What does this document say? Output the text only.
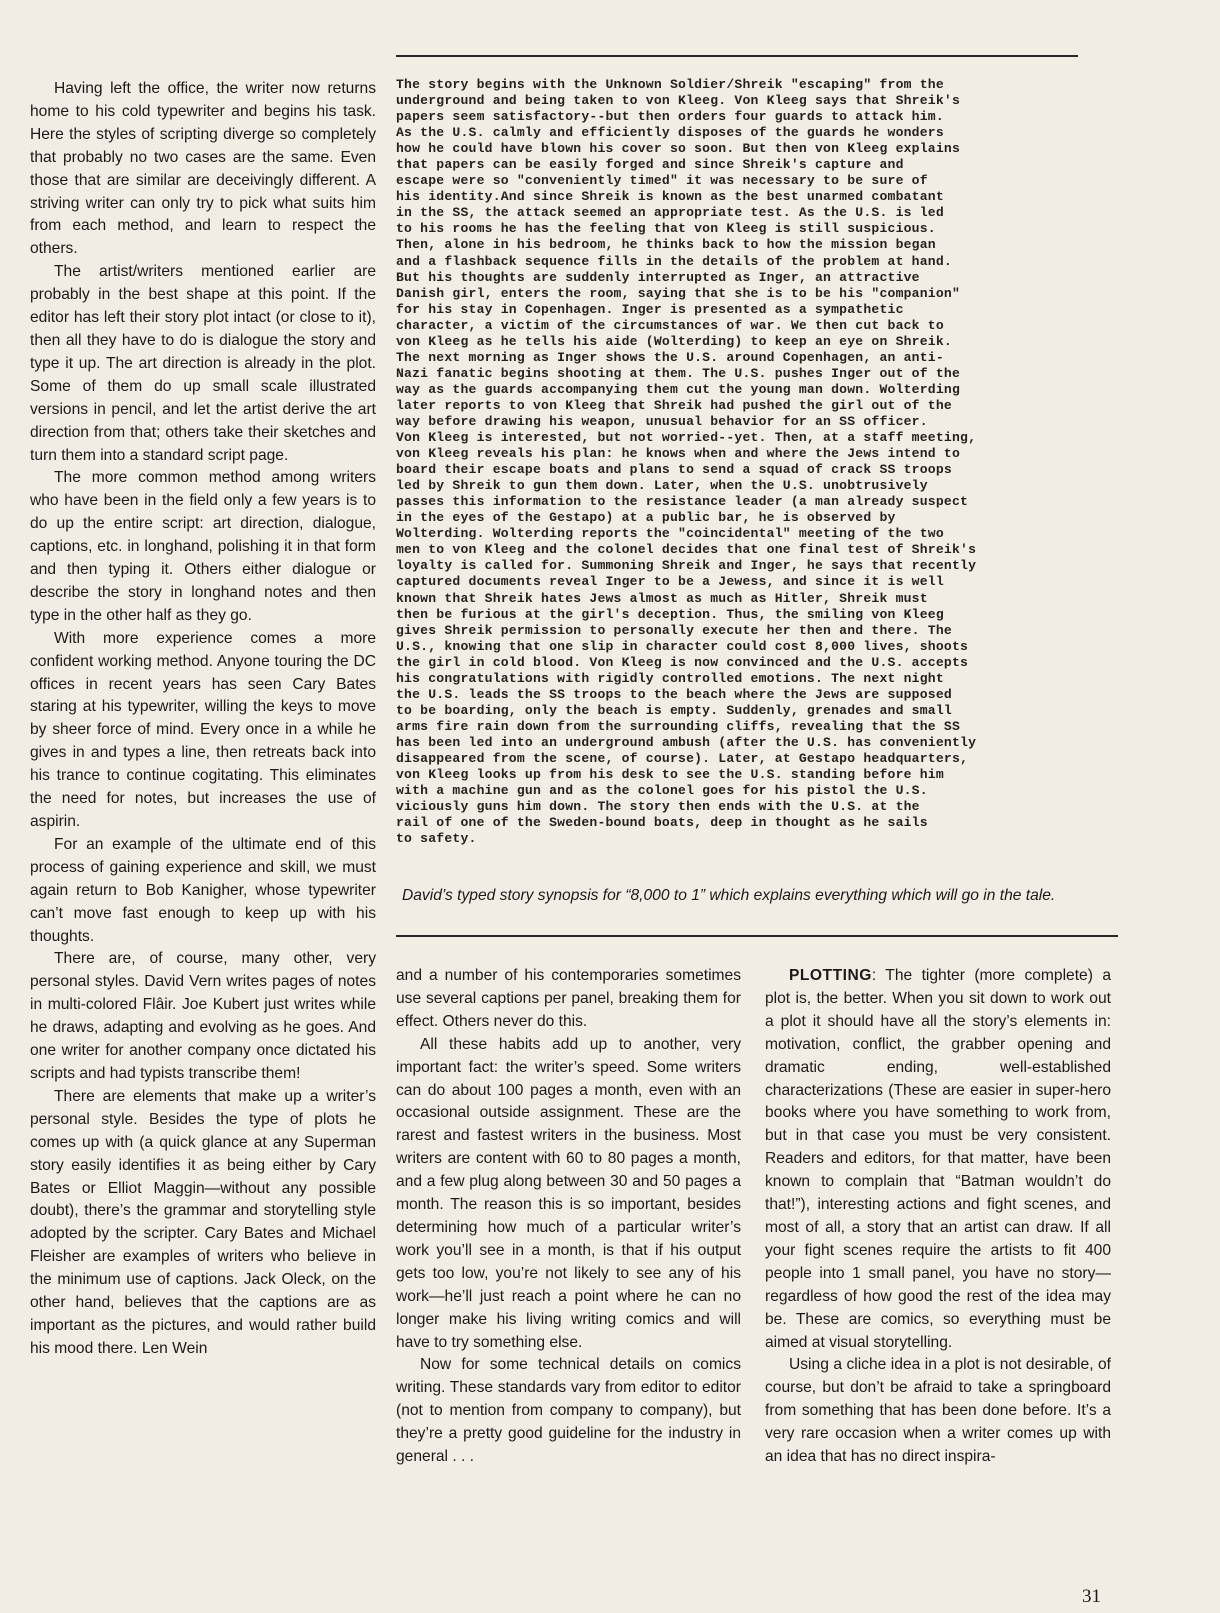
Having left the office, the writer now returns home to his cold typewriter and begins his task. Here the styles of scripting diverge so completely that probably no two cases are the same. Even those that are similar are deceivingly different. A striving writer can only try to pick what suits him from each method, and learn to respect the others.

The artist/writers mentioned earlier are probably in the best shape at this point. If the editor has left their story plot intact (or close to it), then all they have to do is dialogue the story and type it up. The art direction is already in the plot. Some of them do up small scale illustrated versions in pencil, and let the artist derive the art direction from that; others take their sketches and turn them into a standard script page.

The more common method among writers who have been in the field only a few years is to do up the entire script: art direction, dialogue, captions, etc. in longhand, polishing it in that form and then typing it. Others either dialogue or describe the story in longhand notes and then type in the other half as they go.

With more experience comes a more confident working method. Anyone touring the DC offices in recent years has seen Cary Bates staring at his typewriter, willing the keys to move by sheer force of mind. Every once in a while he gives in and types a line, then retreats back into his trance to continue cogitating. This eliminates the need for notes, but increases the use of aspirin.

For an example of the ultimate end of this process of gaining experience and skill, we must again return to Bob Kanigher, whose typewriter can’t move fast enough to keep up with his thoughts.

There are, of course, many other, very personal styles. David Vern writes pages of notes in multi-colored Flâir. Joe Kubert just writes while he draws, adapting and evolving as he goes. And one writer for another company once dictated his scripts and had typists transcribe them!

There are elements that make up a writer’s personal style. Besides the type of plots he comes up with (a quick glance at any Superman story easily identifies it as being either by Cary Bates or Elliot Maggin—without any possible doubt), there’s the grammar and storytelling style adopted by the scripter. Cary Bates and Michael Fleisher are examples of writers who believe in the minimum use of captions. Jack Oleck, on the other hand, believes that the captions are as important as the pictures, and would rather build his mood there. Len Wein

The story begins with the Unknown Soldier/Shreik "escaping" from the
underground and being taken to von Kleeg. Von Kleeg says that Shreik's
papers seem satisfactory--but then orders four guards to attack him.
As the U.S. calmly and efficiently disposes of the guards he wonders
how he could have blown his cover so soon. But then von Kleeg explains
that papers can be easily forged and since Shreik's capture and
escape were so "conveniently timed" it was necessary to be sure of
his identity.And since Shreik is known as the best unarmed combatant
in the SS, the attack seemed an appropriate test. As the U.S. is led
to his rooms he has the feeling that von Kleeg is still suspicious.
Then, alone in his bedroom, he thinks back to how the mission began
and a flashback sequence fills in the details of the problem at hand.
But his thoughts are suddenly interrupted as Inger, an attractive
Danish girl, enters the room, saying that she is to be his "companion"
for his stay in Copenhagen. Inger is presented as a sympathetic
character, a victim of the circumstances of war. We then cut back to
von Kleeg as he tells his aide (Wolterding) to keep an eye on Shreik.
The next morning as Inger shows the U.S. around Copenhagen, an anti-
Nazi fanatic begins shooting at them. The U.S. pushes Inger out of the
way as the guards accompanying them cut the young man down. Wolterding
later reports to von Kleeg that Shreik had pushed the girl out of the
way before drawing his weapon, unusual behavior for an SS officer.
Von Kleeg is interested, but not worried--yet. Then, at a staff meeting,
von Kleeg reveals his plan: he knows when and where the Jews intend to
board their escape boats and plans to send a squad of crack SS troops
led by Shreik to gun them down. Later, when the U.S. unobtrusively
passes this information to the resistance leader (a man already suspect
in the eyes of the Gestapo) at a public bar, he is observed by
Wolterding. Wolterding reports the "coincidental" meeting of the two
men to von Kleeg and the colonel decides that one final test of Shreik's
loyalty is called for. Summoning Shreik and Inger, he says that recently
captured documents reveal Inger to be a Jewess, and since it is well
known that Shreik hates Jews almost as much as Hitler, Shreik must
then be furious at the girl's deception. Thus, the smiling von Kleeg
gives Shreik permission to personally execute her then and there. The
U.S., knowing that one slip in character could cost 8,000 lives, shoots
the girl in cold blood. Von Kleeg is now convinced and the U.S. accepts
his congratulations with rigidly controlled emotions. The next night
the U.S. leads the SS troops to the beach where the Jews are supposed
to be boarding, only the beach is empty. Suddenly, grenades and small
arms fire rain down from the surrounding cliffs, revealing that the SS
has been led into an underground ambush (after the U.S. has conveniently
disappeared from the scene, of course). Later, at Gestapo headquarters,
von Kleeg looks up from his desk to see the U.S. standing before him
with a machine gun and as the colonel goes for his pistol the U.S.
viciously guns him down. The story then ends with the U.S. at the
rail of one of the Sweden-bound boats, deep in thought as he sails
to safety.
David’s typed story synopsis for “8,000 to 1” which explains everything which will go in the tale.

and a number of his contemporaries sometimes use several captions per panel, breaking them for effect. Others never do this.

All these habits add up to another, very important fact: the writer’s speed. Some writers can do about 100 pages a month, even with an occasional outside assignment. These are the rarest and fastest writers in the business. Most writers are content with 60 to 80 pages a month, and a few plug along between 30 and 50 pages a month. The reason this is so important, besides determining how much of a particular writer’s work you’ll see in a month, is that if his output gets too low, you’re not likely to see any of his work—he’ll just reach a point where he can no longer make his living writing comics and will have to try something else.

Now for some technical details on comics writing. These standards vary from editor to editor (not to mention from company to company), but they’re a pretty good guideline for the industry in general . . .

PLOTTING: The tighter (more complete) a plot is, the better. When you sit down to work out a plot it should have all the story’s elements in: motivation, conflict, the grabber opening and dramatic ending, well-established characterizations (These are easier in super-hero books where you have something to work from, but in that case you must be very consistent. Readers and editors, for that matter, have been known to complain that “Batman wouldn’t do that!”), interesting actions and fight scenes, and most of all, a story that an artist can draw. If all your fight scenes require the artists to fit 400 people into 1 small panel, you have no story—regardless of how good the rest of the idea may be. These are comics, so everything must be aimed at visual storytelling.

Using a cliche idea in a plot is not desirable, of course, but don’t be afraid to take a springboard from something that has been done before. It’s a very rare occasion when a writer comes up with an idea that has no direct inspira-

31
